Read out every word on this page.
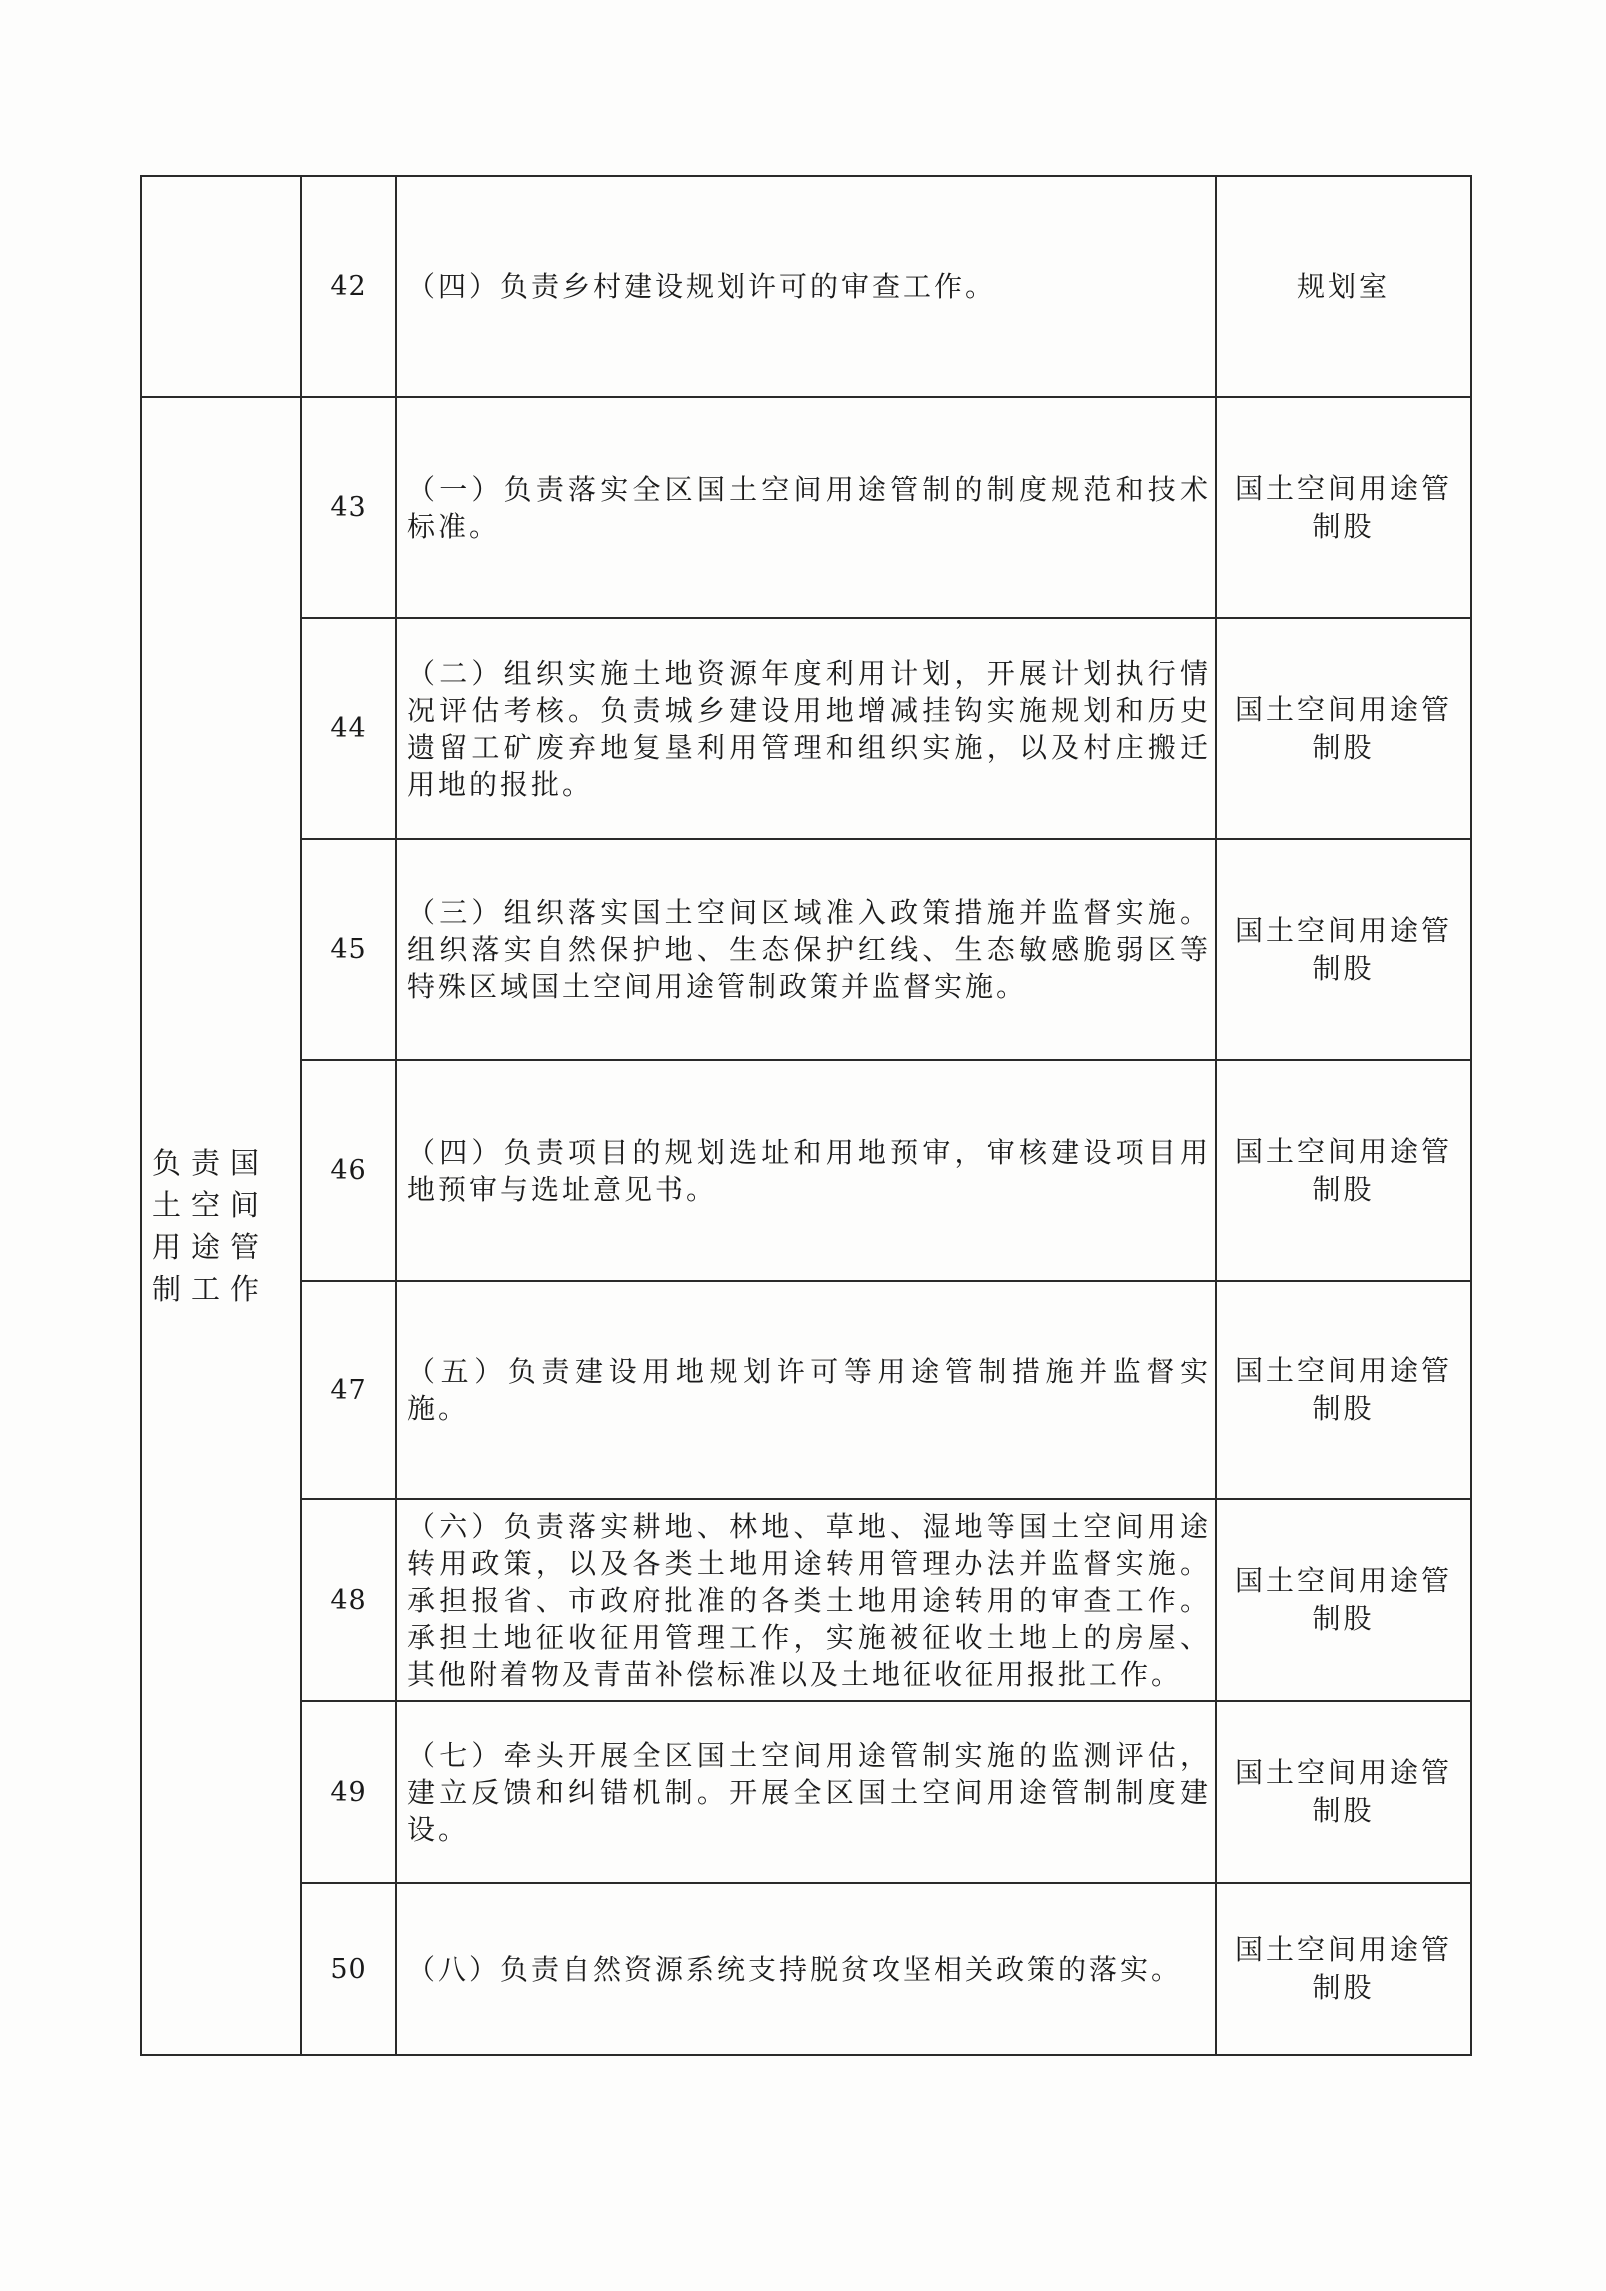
	42	（四）负责乡村建设规划许可的审查工作。	规划室
负责国土空间用途管制工作	43	（一）负责落实全区国土空间用途管制的制度规范和技术标准。	国土空间用途管制股
	44	（二）组织实施土地资源年度利用计划，开展计划执行情况评估考核。负责城乡建设用地增减挂钩实施规划和历史遗留工矿废弃地复垦利用管理和组织实施，以及村庄搬迁用地的报批。	国土空间用途管制股
	45	（三）组织落实国土空间区域准入政策措施并监督实施。组织落实自然保护地、生态保护红线、生态敏感脆弱区等特殊区域国土空间用途管制政策并监督实施。	国土空间用途管制股
	46	（四）负责项目的规划选址和用地预审，审核建设项目用地预审与选址意见书。	国土空间用途管制股
	47	（五）负责建设用地规划许可等用途管制措施并监督实施。	国土空间用途管制股
	48	（六）负责落实耕地、林地、草地、湿地等国土空间用途转用政策，以及各类土地用途转用管理办法并监督实施。承担报省、市政府批准的各类土地用途转用的审查工作。承担土地征收征用管理工作，实施被征收土地上的房屋、其他附着物及青苗补偿标准以及土地征收征用报批工作。	国土空间用途管制股
	49	（七）牵头开展全区国土空间用途管制实施的监测评估，建立反馈和纠错机制。开展全区国土空间用途管制制度建设。	国土空间用途管制股
	50	（八）负责自然资源系统支持脱贫攻坚相关政策的落实。	国土空间用途管制股
